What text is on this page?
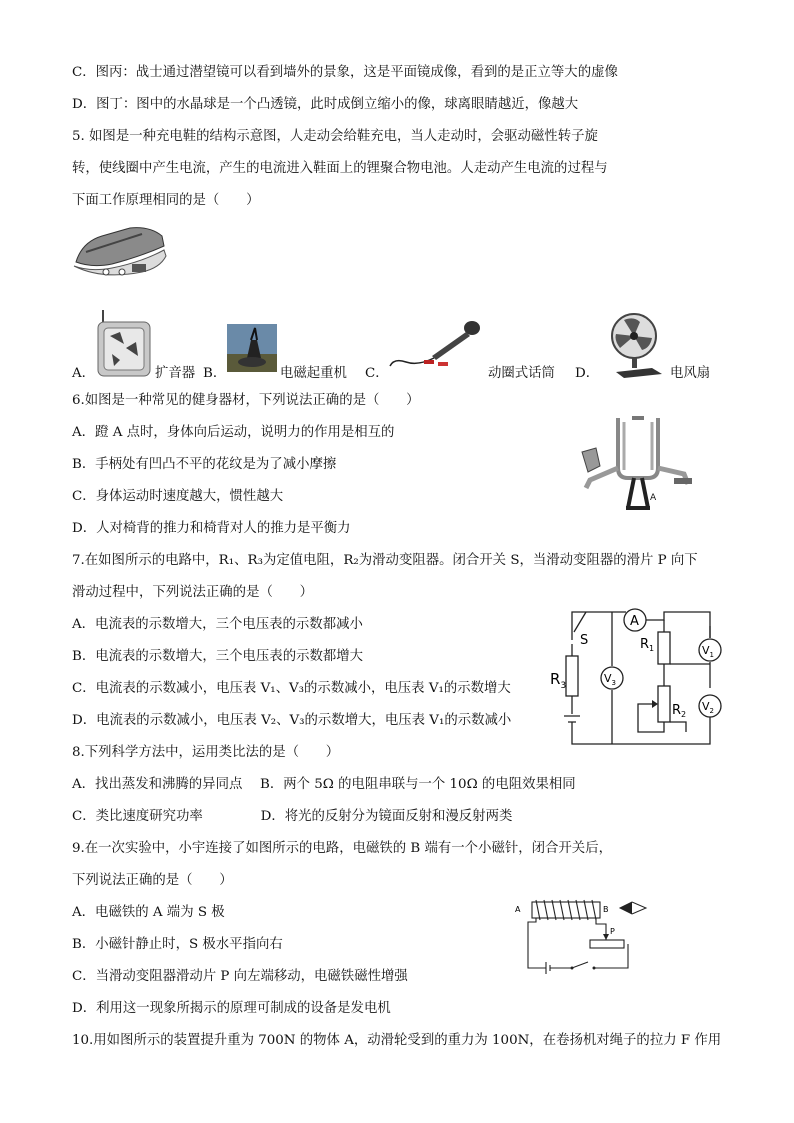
C．图丙：战士通过潜望镜可以看到墙外的景象，这是平面镜成像，看到的是正立等大的虚像
D．图丁：图中的水晶球是一个凸透镜，此时成倒立缩小的像，球离眼睛越近，像越大
5. 如图是一种充电鞋的结构示意图，人走动会给鞋充电，当人走动时，会驱动磁性转子旋
转，使线圈中产生电流，产生的电流进入鞋面上的锂聚合物电池。人走动产生电流的过程与
下面工作原理相同的是（　　）
A．	扩音器 B．	电磁起重机 C．	动圈式话筒 D．	电风扇
6.如图是一种常见的健身器材，下列说法正确的是（　　）
A．蹬 A 点时，身体向后运动，说明力的作用是相互的
B．手柄处有凹凸不平的花纹是为了减小摩擦
C．身体运动时速度越大，惯性越大
D．人对椅背的推力和椅背对人的推力是平衡力
A
7.在如图所示的电路中，R₁、R₃为定值电阻，R₂为滑动变阻器。闭合开关 S，当滑动变阻器的滑片 P 向下
滑动过程中，下列说法正确的是（　　）
A．电流表的示数增大，三个电压表的示数都减小
B．电流表的示数增大，三个电压表的示数都增大
C．电流表的示数减小，电压表 V₁、V₃的示数减小，电压表 V₁的示数增大
D．电流表的示数减小，电压表 V₂、V₃的示数增大，电压表 V₁的示数减小
S
$R_3$
A
$V_3$
$R_1$	$V_1$
$R_2$
$V_2$
8.下列科学方法中，运用类比法的是（　　）
A．找出蒸发和沸腾的异同点　 B．两个 5Ω 的电阻串联与一个 10Ω 的电阻效果相同
C．类比速度研究功率　　　　 D．将光的反射分为镜面反射和漫反射两类
9.在一次实验中，小宇连接了如图所示的电路，电磁铁的 B 端有一个小磁针，闭合开关后，
下列说法正确的是（　　）
A．电磁铁的 A 端为 S 极
B．小磁针静止时，S 极水平指向右
C．当滑动变阻器滑动片 P 向左端移动，电磁铁磁性增强
D．利用这一现象所揭示的原理可制成的设备是发电机
A	B
P
10.用如图所示的装置提升重为 700N 的物体 A，动滑轮受到的重力为 100N，在卷扬机对绳子的拉力 F 作用
